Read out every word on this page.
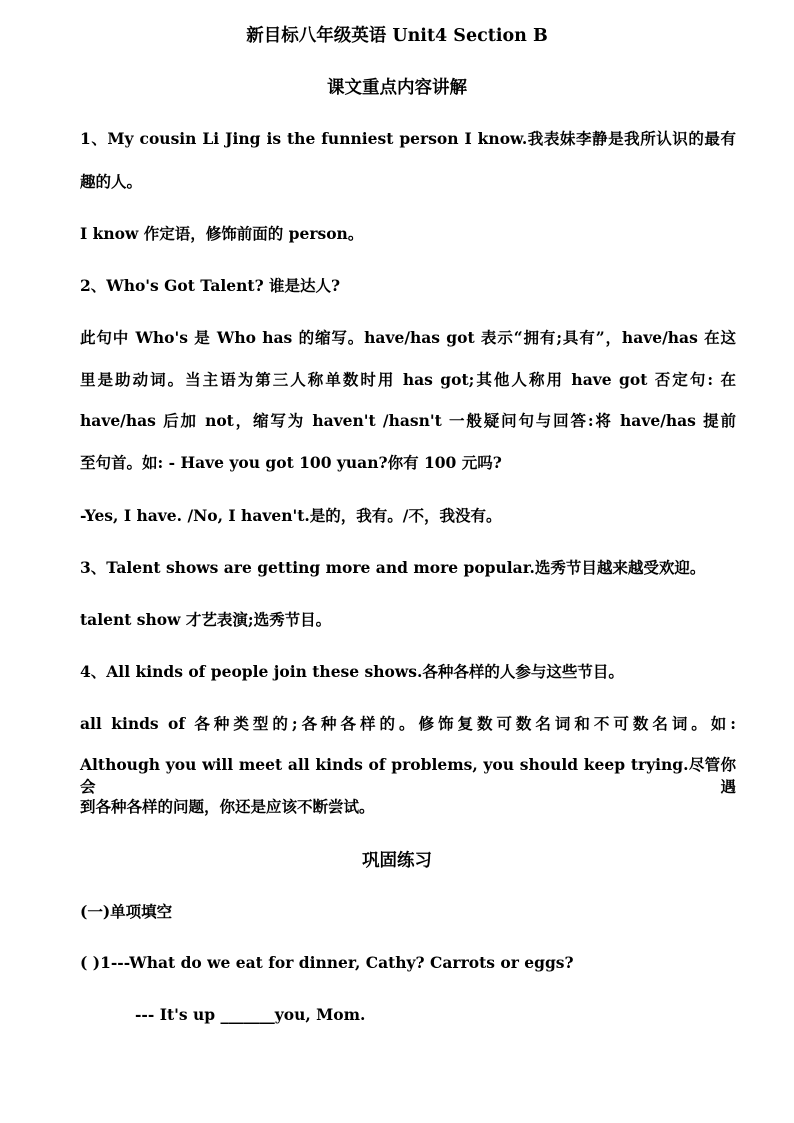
新目标八年级英语 Unit4 Section B
课文重点内容讲解
1、My cousin Li Jing is the funniest person I know.我表妹李静是我所认识的最有
趣的人。
I know 作定语，修饰前面的 person。
2、Who's Got Talent? 谁是达人?
此句中 Who's 是 Who has 的缩写。have/has got 表示“拥有;具有”，have/has 在这
里是助动词。当主语为第三人称单数时用 has got;其他人称用 have got 否定句: 在
have/has 后加 not，缩写为 haven't /hasn't 一般疑问句与回答:将 have/has 提前
至句首。如: - Have you got 100 yuan?你有 100 元吗?
-Yes, I have. /No, I haven't.是的，我有。/不，我没有。
3、Talent shows are getting more and more popular.选秀节目越来越受欢迎。
talent show 才艺表演;选秀节目。
4、All kinds of people join these shows.各种各样的人参与这些节目。
all kinds of 各种类型的;各种各样的。修饰复数可数名词和不可数名词。如:
Although you will meet all kinds of problems, you should keep trying.尽管你会遇
到各种各样的问题，你还是应该不断尝试。
巩固练习
(一)单项填空
( )1---What do we eat for dinner, Cathy? Carrots or eggs?
--- It's up _______you, Mom.
